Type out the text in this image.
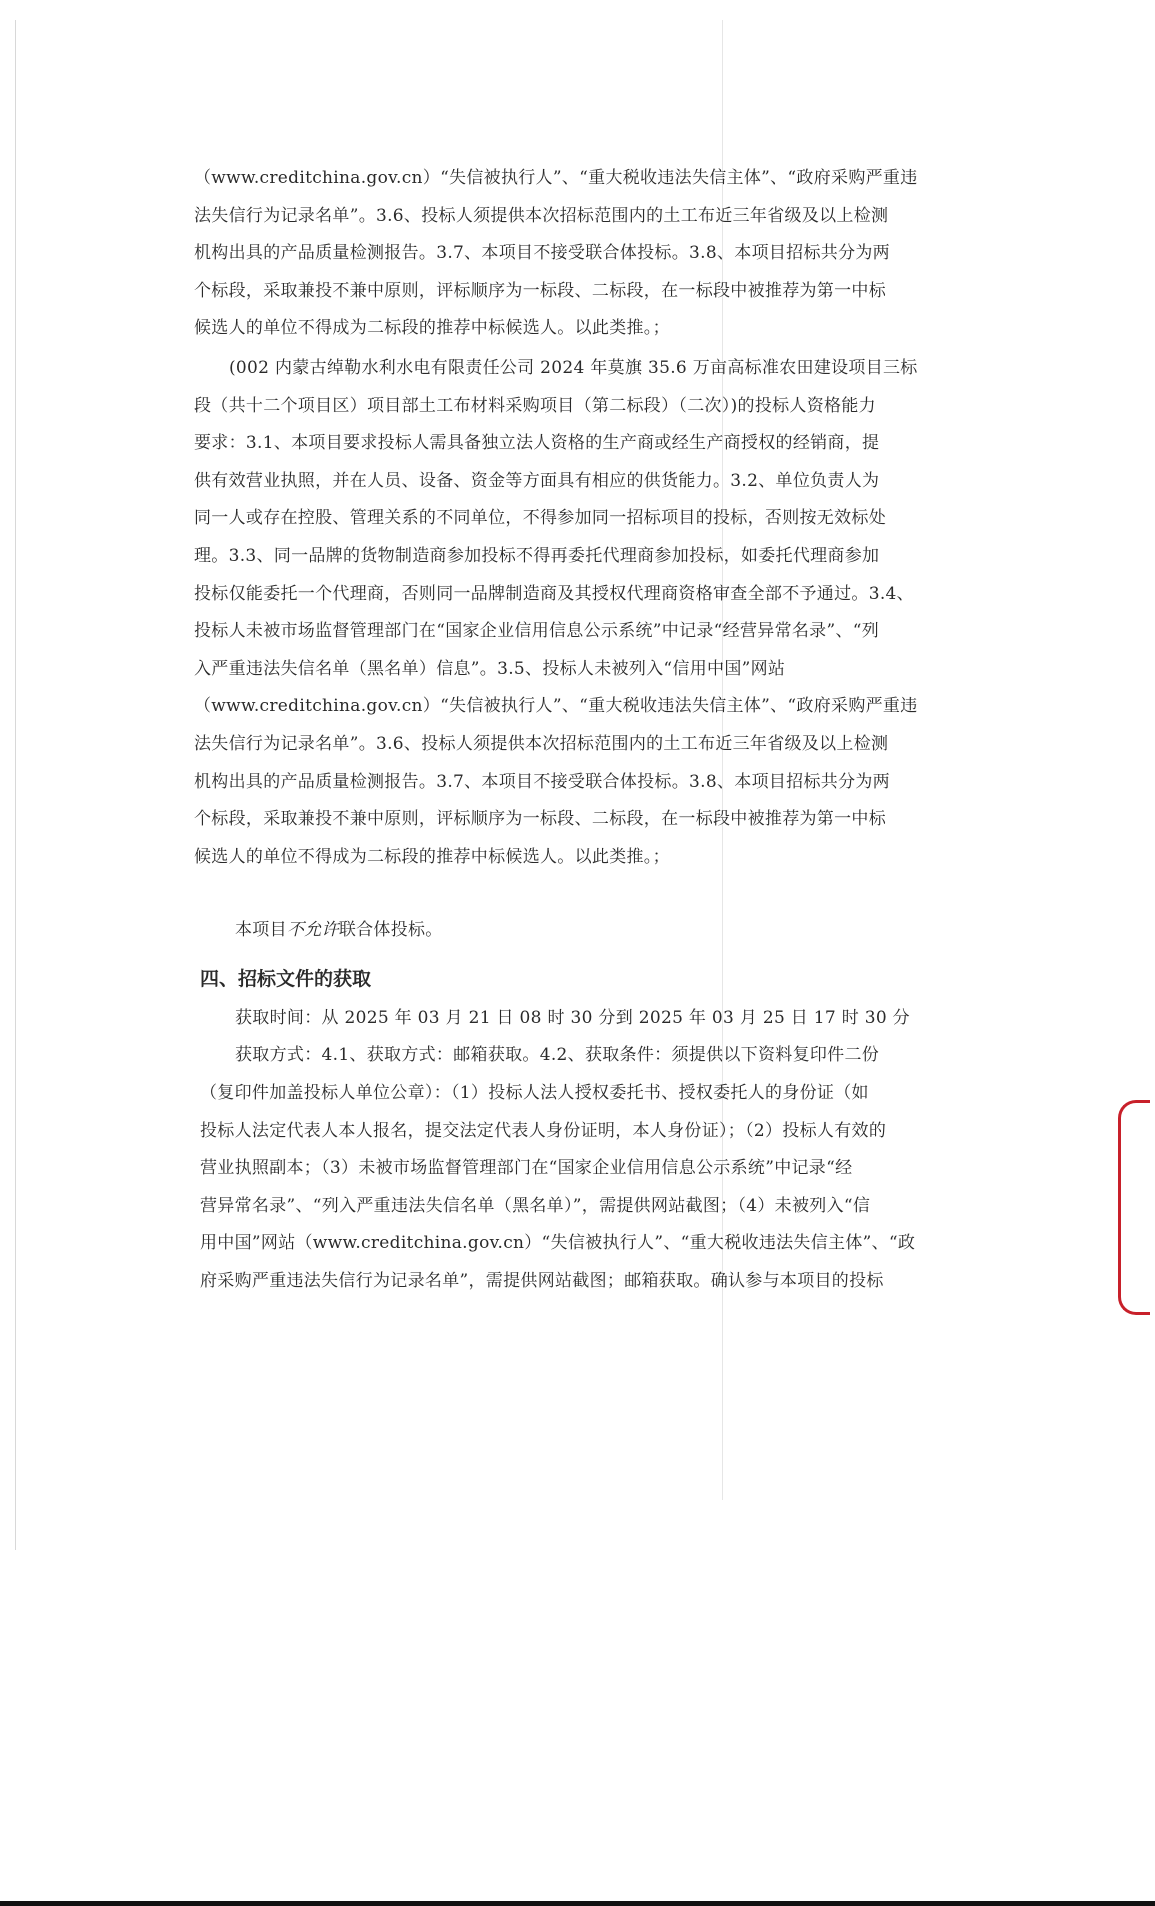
（www.creditchina.gov.cn）“失信被执行人”、“重大税收违法失信主体”、“政府采购严重违
法失信行为记录名单”。3.6、投标人须提供本次招标范围内的土工布近三年省级及以上检测
机构出具的产品质量检测报告。3.7、本项目不接受联合体投标。3.8、本项目招标共分为两
个标段，采取兼投不兼中原则，评标顺序为一标段、二标段，在一标段中被推荐为第一中标
候选人的单位不得成为二标段的推荐中标候选人。以此类推。；
(002 内蒙古绰勒水利水电有限责任公司 2024 年莫旗 35.6 万亩高标准农田建设项目三标
段（共十二个项目区）项目部土工布材料采购项目（第二标段）（二次）)的投标人资格能力
要求：3.1、本项目要求投标人需具备独立法人资格的生产商或经生产商授权的经销商，提
供有效营业执照，并在人员、设备、资金等方面具有相应的供货能力。3.2、单位负责人为
同一人或存在控股、管理关系的不同单位，不得参加同一招标项目的投标，否则按无效标处
理。3.3、同一品牌的货物制造商参加投标不得再委托代理商参加投标，如委托代理商参加
投标仅能委托一个代理商，否则同一品牌制造商及其授权代理商资格审查全部不予通过。3.4、
投标人未被市场监督管理部门在“国家企业信用信息公示系统”中记录“经营异常名录”、“列
入严重违法失信名单（黑名单）信息”。3.5、投标人未被列入“信用中国”网站
（www.creditchina.gov.cn）“失信被执行人”、“重大税收违法失信主体”、“政府采购严重违
法失信行为记录名单”。3.6、投标人须提供本次招标范围内的土工布近三年省级及以上检测
机构出具的产品质量检测报告。3.7、本项目不接受联合体投标。3.8、本项目招标共分为两
个标段，采取兼投不兼中原则，评标顺序为一标段、二标段，在一标段中被推荐为第一中标
候选人的单位不得成为二标段的推荐中标候选人。以此类推。；
本项目不允许联合体投标。
四、招标文件的获取
获取时间：从 2025 年 03 月 21 日 08 时 30 分到 2025 年 03 月 25 日 17 时 30 分
获取方式：4.1、获取方式：邮箱获取。4.2、获取条件：须提供以下资料复印件二份
（复印件加盖投标人单位公章）：（1）投标人法人授权委托书、授权委托人的身份证（如
投标人法定代表人本人报名，提交法定代表人身份证明，本人身份证）；（2）投标人有效的
营业执照副本；（3）未被市场监督管理部门在“国家企业信用信息公示系统”中记录“经
营异常名录”、“列入严重违法失信名单（黑名单）”，需提供网站截图；（4）未被列入“信
用中国”网站（www.creditchina.gov.cn）“失信被执行人”、“重大税收违法失信主体”、“政
府采购严重违法失信行为记录名单”，需提供网站截图；邮箱获取。确认参与本项目的投标
